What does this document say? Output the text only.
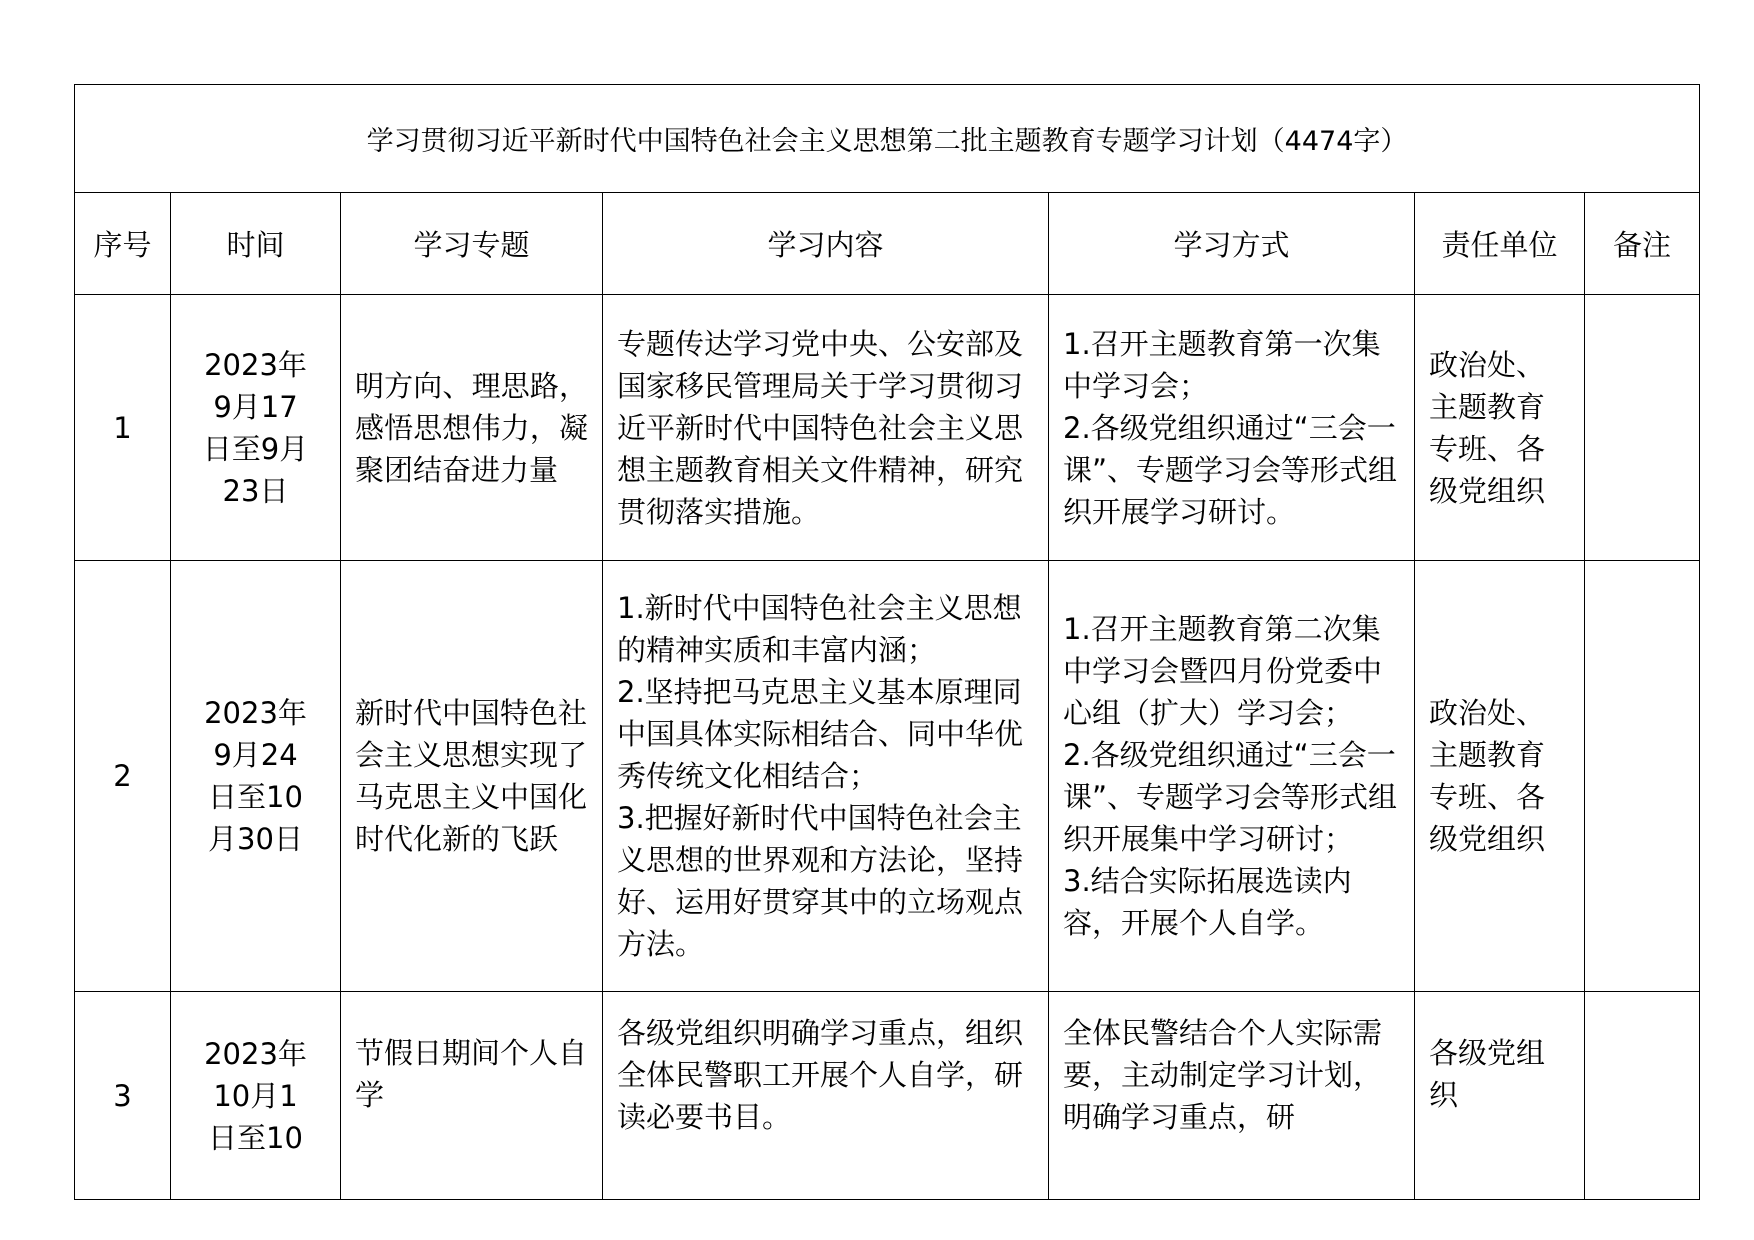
学习贯彻习近平新时代中国特色社会主义思想第二批主题教育专题学习计划（4474字）						
序号	时间	学习专题	学习内容	学习方式	责任单位	备注
1	2023年
9月17
日至9月
23日	明方向、理思路，感悟思想伟力，凝聚团结奋进力量	专题传达学习党中央、公安部及国家移民管理局关于学习贯彻习近平新时代中国特色社会主义思想主题教育相关文件精神，研究贯彻落实措施。	1.召开主题教育第一次集中学习会；
2.各级党组织通过“三会一课”、专题学习会等形式组织开展学习研讨。	政治处、主题教育专班、各级党组织	

2	2023年
9月24
日至10
月30日	新时代中国特色社会主义思想实现了马克思主义中国化时代化新的飞跃	1.新时代中国特色社会主义思想的精神实质和丰富内涵；
2.坚持把马克思主义基本原理同中国具体实际相结合、同中华优秀传统文化相结合；
3.把握好新时代中国特色社会主义思想的世界观和方法论，坚持好、运用好贯穿其中的立场观点方法。	1.召开主题教育第二次集中学习会暨四月份党委中心组（扩大）学习会；
2.各级党组织通过“三会一课”、专题学习会等形式组织开展集中学习研讨；
3.结合实际拓展选读内容，开展个人自学。	政治处、主题教育专班、各级党组织	

3	2023年
10月1
日至10	节假日期间个人自学	各级党组织明确学习重点，组织全体民警职工开展个人自学，研读必要书目。	全体民警结合个人实际需要，主动制定学习计划，明确学习重点，研	各级党组织	
